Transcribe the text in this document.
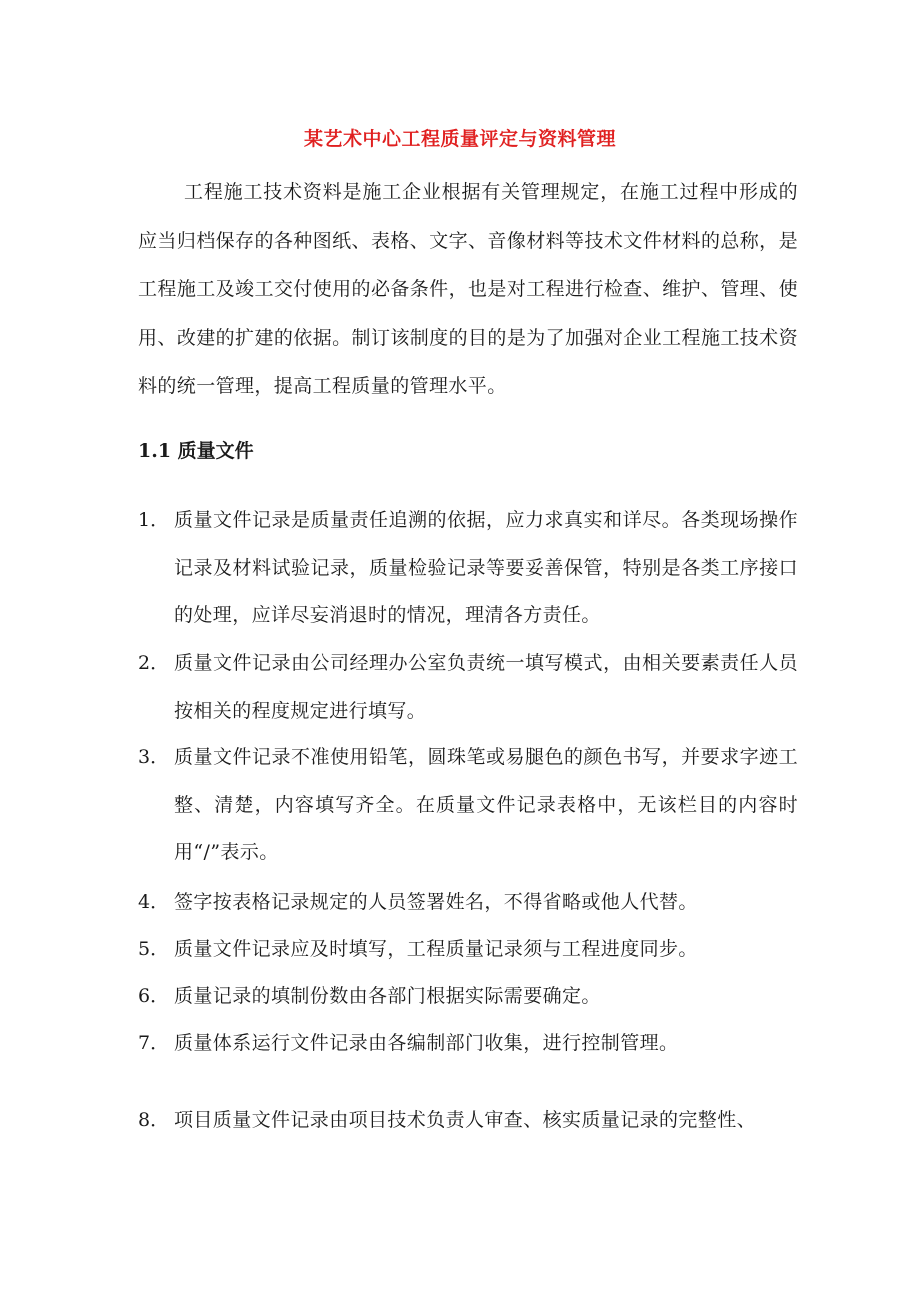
某艺术中心工程质量评定与资料管理

工程施工技术资料是施工企业根据有关管理规定，在施工过程中形成的应当归档保存的各种图纸、表格、文字、音像材料等技术文件材料的总称，是工程施工及竣工交付使用的必备条件，也是对工程进行检查、维护、管理、使用、改建的扩建的依据。制订该制度的目的是为了加强对企业工程施工技术资料的统一管理，提高工程质量的管理水平。

1.1 质量文件
1． 质量文件记录是质量责任追溯的依据，应力求真实和详尽。各类现场操作记录及材料试验记录，质量检验记录等要妥善保管，特别是各类工序接口的处理，应详尽妄消退时的情况，理清各方责任。
2． 质量文件记录由公司经理办公室负责统一填写模式，由相关要素责任人员按相关的程度规定进行填写。
3． 质量文件记录不准使用铅笔，圆珠笔或易腿色的颜色书写，并要求字迹工整、清楚，内容填写齐全。在质量文件记录表格中，无该栏目的内容时用“/”表示。
4． 签字按表格记录规定的人员签署姓名，不得省略或他人代替。
5． 质量文件记录应及时填写，工程质量记录须与工程进度同步。
6． 质量记录的填制份数由各部门根据实际需要确定。
7． 质量体系运行文件记录由各编制部门收集，进行控制管理。
8． 项目质量文件记录由项目技术负责人审查、核实质量记录的完整性、
